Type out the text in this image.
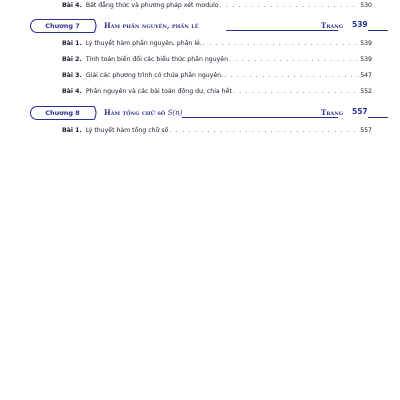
Bài 4. Bất đẳng thức và phương pháp xét modulo . . .	530
Chương 7	Hàm phần nguyên, phần lẻ	Trang	539
Bài 1. Lý thuyết hàm phần nguyên, phần lẻ. . . .	539
Bài 2. Tính toán biến đổi các biểu thức phần nguyên . . .	539
Bài 3. Giải các phương trình có chứa phần nguyên. . . .	547
Bài 4. Phần nguyên và các bài toán đồng dư, chia hết . . .	552
Chương 8	Hàm tổng chữ số S(n)	Trang	557
Bài 1. Lý thuyết hàm tổng chữ số . . .	557
